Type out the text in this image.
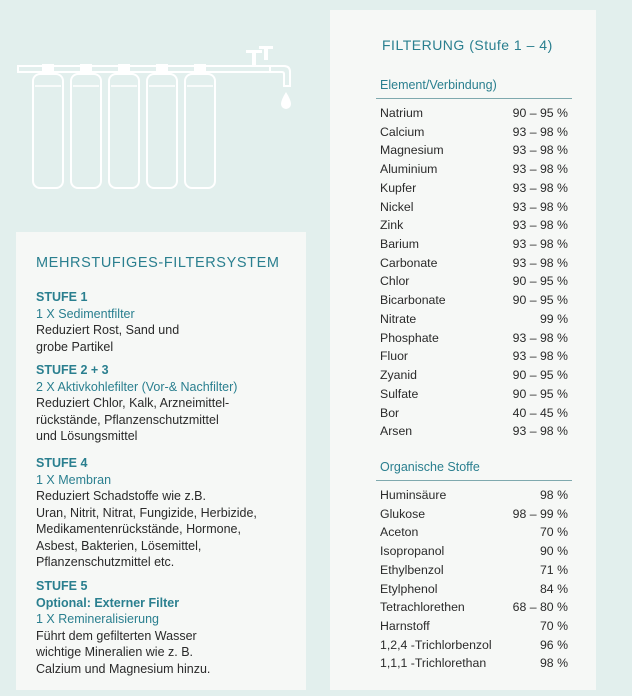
MEHRSTUFIGES-FILTERSYSTEM
STUFE 1
1 X Sedimentfilter
Reduziert Rost, Sand und
grobe Partikel
STUFE 2 + 3
2 X Aktivkohlefilter (Vor-& Nachfilter)
Reduziert Chlor, Kalk, Arzneimittel-
rückstände, Pflanzenschutzmittel
und Lösungsmittel
STUFE 4
1 X Membran
Reduziert Schadstoffe wie z.B.
Uran, Nitrit, Nitrat, Fungizide, Herbizide,
Medikamentenrückstände, Hormone,
Asbest, Bakterien, Lösemittel,
Pflanzenschutzmittel etc.
STUFE 5
Optional: Externer Filter
1 X Remineralisierung
Führt dem gefilterten Wasser
wichtige Mineralien wie z. B.
Calzium und Magnesium hinzu.
FILTERUNG (Stufe 1 – 4)
Element/Verbindung)
Natrium	90 – 95 %
Calcium	93 – 98 %
Magnesium	93 – 98 %
Aluminium	93 – 98 %
Kupfer	93 – 98 %
Nickel	93 – 98 %
Zink	93 – 98 %
Barium	93 – 98 %
Carbonate	93 – 98 %
Chlor	90 – 95 %
Bicarbonate	90 – 95 %
Nitrate	99 %
Phosphate	93 – 98 %
Fluor	93 – 98 %
Zyanid	90 – 95 %
Sulfate	90 – 95 %
Bor	40 – 45 %
Arsen	93 – 98 %
Organische Stoffe
Huminsäure	98 %
Glukose	98 – 99 %
Aceton	70 %
Isopropanol	90 %
Ethylbenzol	71 %
Etylphenol	84 %
Tetrachlorethen	68 – 80 %
Harnstoff	70 %
1,2,4 -Trichlorbenzol	96 %
1,1,1 -Trichlorethan	98 %
